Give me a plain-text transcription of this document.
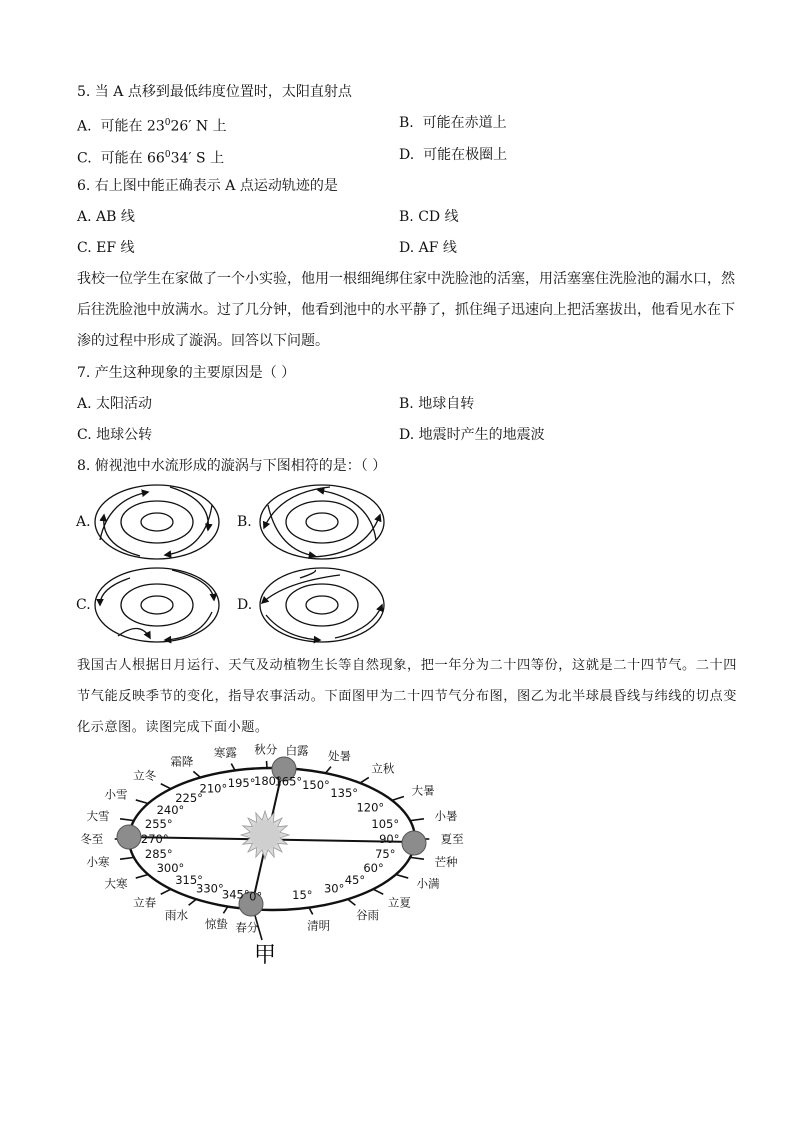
5. 当 A 点移到最低纬度位置时，太阳直射点
A. 可能在 $23^026'$ N 上	B. 可能在赤道上
C. 可能在 $66^034'$ S 上	D. 可能在极圈上
6. 右上图中能正确表示 A 点运动轨迹的是
A. AB 线	B. CD 线
C. EF 线	D. AF 线
我校一位学生在家做了一个小实验，他用一根细绳绑住家中洗脸池的活塞，用活塞塞住洗脸池的漏水口，然后往洗脸池中放满水。过了几分钟，他看到池中的水平静了，抓住绳子迅速向上把活塞拔出，他看见水在下渗的过程中形成了漩涡。回答以下问题。
7. 产生这种现象的主要原因是（ ）
A. 太阳活动	B. 地球自转
C. 地球公转	D. 地震时产生的地震波
8. 俯视池中水流形成的漩涡与下图相符的是：（ ）
A.	B.
C.	D.
我国古人根据日月运行、天气及动植物生长等自然现象，把一年分为二十四等份，这就是二十四节气。二十四节气能反映季节的变化，指导农事活动。下面图甲为二十四节气分布图，图乙为北半球晨昏线与纬线的切点变化示意图。读图完成下面小题。
春分
0°
清明
15°
谷雨
30°
立夏
45°	小满
60°	芒种
75°
夏至
90°
小暑
105°
大暑
120°
立秋
135°
处暑
150°
白露
165°
秋分
180°
寒露
195°
霜降
210°
立冬
225°
小雪
240°
大雪
255°
冬至	270°
小寒
285°
大寒
300°
立春
315°
雨水
330°
惊蛰
345°
甲
